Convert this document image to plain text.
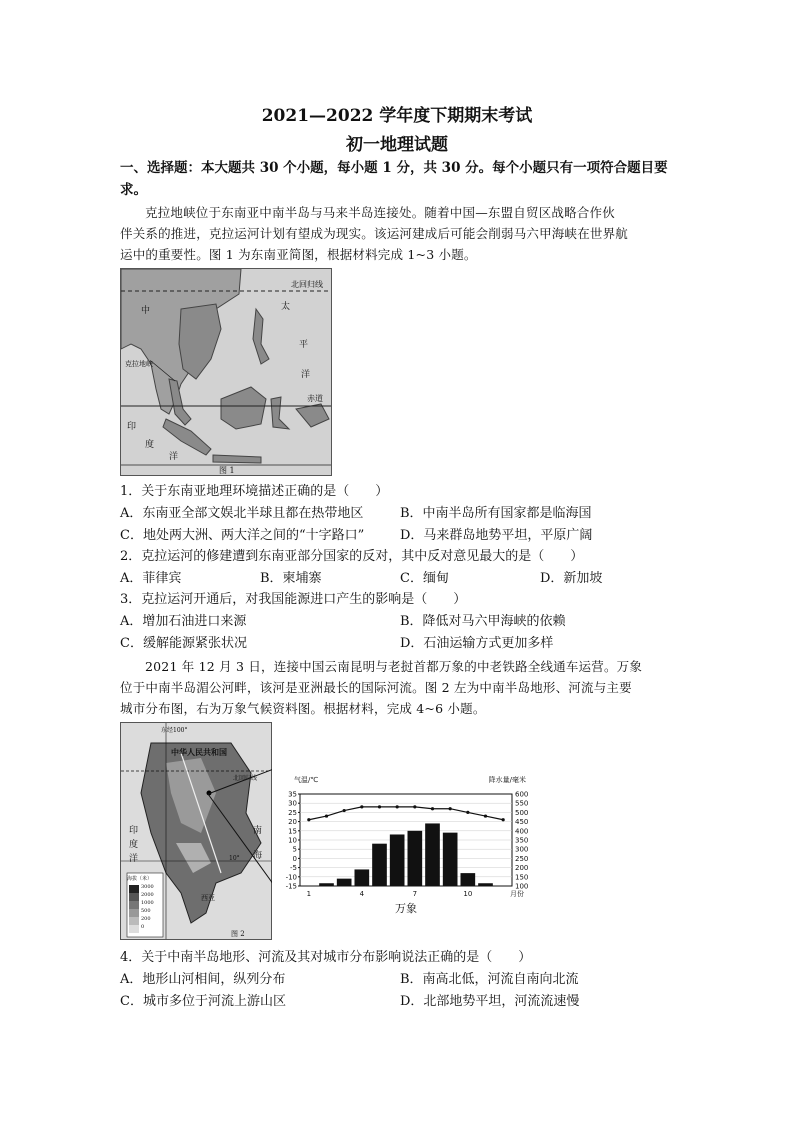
2021—2022 学年度下期期末考试
初一地理试题
一、选择题：本大题共 30 个小题，每小题 1 分，共 30 分。每个小题只有一项符合题目要
求。
克拉地峡位于东南亚中南半岛与马来半岛连接处。随着中国—东盟自贸区战略合作伙
伴关系的推进，克拉运河计划有望成为现实。该运河建成后可能会削弱马六甲海峡在世界航
运中的重要性。图 1 为东南亚简图，根据材料完成 1~3 小题。
北回归线
太
平
洋
赤道
中
克拉地峡
印
度
洋
图 1
1．关于东南亚地理环境描述正确的是（　　）
A．东南亚全部文娱北半球且都在热带地区	B．中南半岛所有国家都是临海国
C．地处两大洲、两大洋之间的“十字路口”	D．马来群岛地势平坦，平原广阔
2．克拉运河的修建遭到东南亚部分国家的反对，其中反对意见最大的是（　　）
A．菲律宾	B．柬埔寨	C．缅甸	D．新加坡
3．克拉运河开通后，对我国能源进口产生的影响是（　　）
A．增加石油进口来源	B．降低对马六甲海峡的依赖
C．缓解能源紧张状况	D．石油运输方式更加多样
2021 年 12 月 3 日，连接中国云南昆明与老挝首都万象的中老铁路全线通车运营。万象
位于中南半岛湄公河畔，该河是亚洲最长的国际河流。图 2 左为中南半岛地形、河流与主要
城市分布图，右为万象气候资料图。根据材料，完成 4~6 小题。
东经100°
中华人民共和国
北回归线
南
海
印
度
洋	10°
西亚
海拔（米）
3000
2000
1000
500
200
0
图 2
气温/℃	降水量/毫米
35
30
25
20
15
10
5
0
-5
-10
-15
600
550
500
450
400
350
300
250
200
150
100
1	4	7	10	月份
万象
4．关于中南半岛地形、河流及其对城市分布影响说法正确的是（　　）
A．地形山河相间，纵列分布	B．南高北低，河流自南向北流
C．城市多位于河流上游山区	D．北部地势平坦，河流流速慢
